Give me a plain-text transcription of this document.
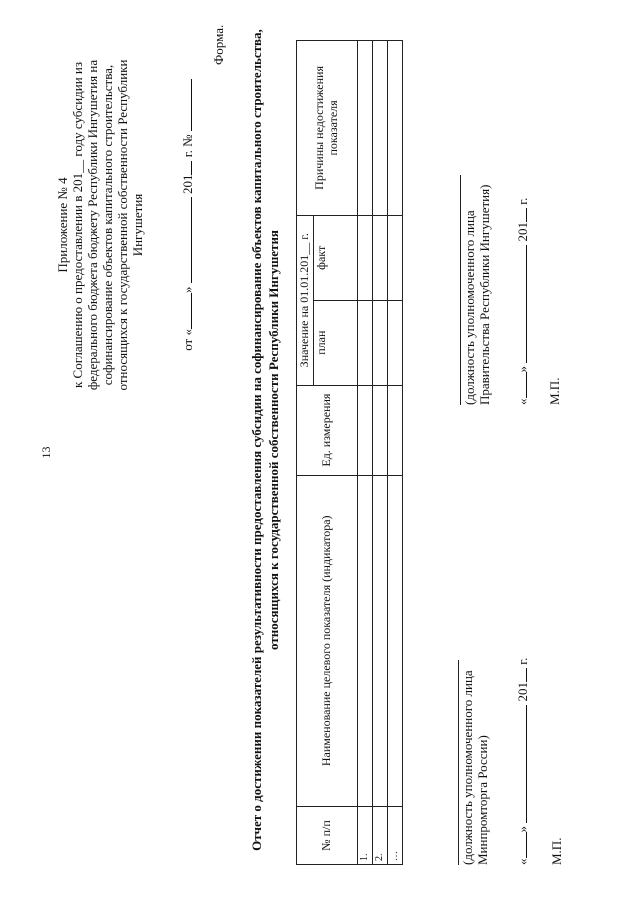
13
Приложение № 4 к Соглашению о предоставлении в 201__ году субсидии из федерального бюджета бюджету Республики Ингушетия на софинансирование объектов капитального строительства, относящихся к государственной собственности Республики Ингушетия
от «»  201 г. №
Форма. Отчет о достижении показателей результативности предоставления субсидии на софинансирование объектов капитального строительства, относящихся к государственной собственности Республики Ингушетия
№ п/п	Наименование целевого показателя (индикатора)	Ед. измерения	Значение на 01.01.201__ г.		Причины недостижения показателя
			план	факт	
1.					
2.					
…						(должность уполномоченного лица Минпромторга России) «»  201 г.
М.П.
(должность уполномоченного лица Правительства Республики Ингушетия) «»  201 г.
М.П.
